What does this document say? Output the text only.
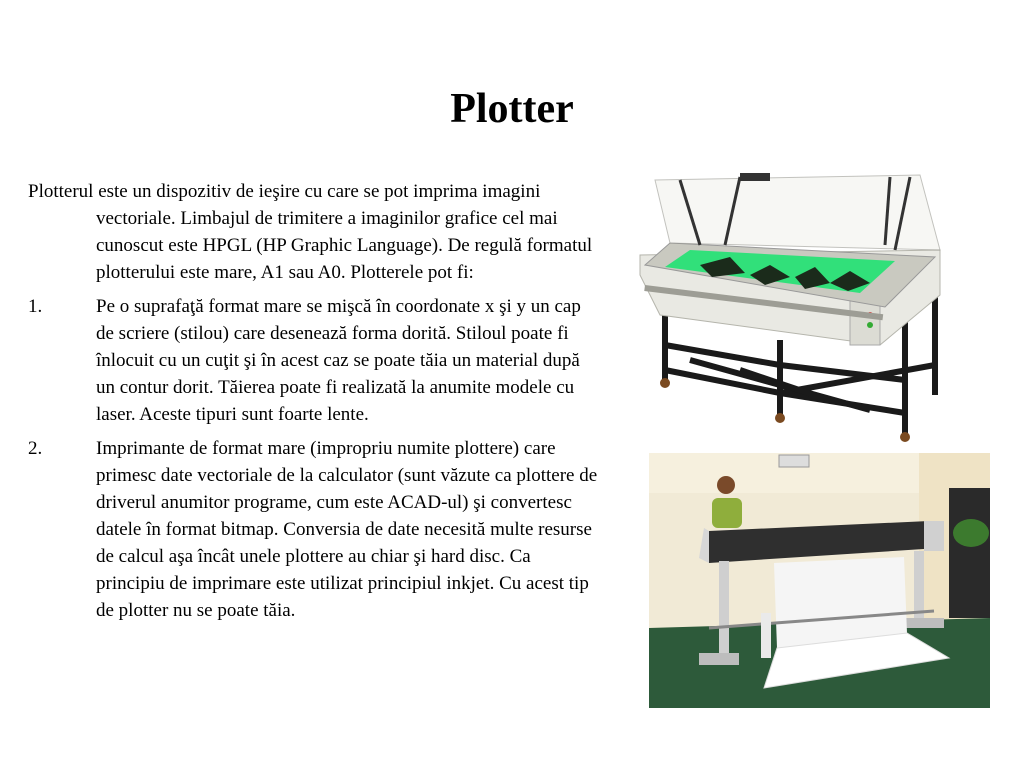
Plotter

Plotterul este un dispozitiv de ieşire cu care se pot imprima imagini vectoriale. Limbajul de trimitere a imaginilor grafice cel mai cunoscut este HPGL (HP Graphic Language). De regulă formatul plotterului este mare, A1 sau A0. Plotterele pot fi:

1.	Pe o suprafaţă format mare se mişcă în coordonate x şi y un cap de scriere (stilou) care desenează forma dorită. Stiloul poate fi înlocuit cu un cuţit şi în acest caz se poate tăia un material după un contur dorit. Tăierea poate fi realizată la anumite modele cu laser. Aceste tipuri sunt foarte lente.
2.	Imprimante de format mare (impropriu numite plottere) care primesc date vectoriale de la calculator (sunt văzute ca plottere de driverul anumitor programe, cum este ACAD-ul) şi convertesc datele în format bitmap. Conversia de date necesită multe resurse de calcul aşa încât unele plottere au chiar şi hard disc. Ca principiu de imprimare este utilizat principiul inkjet. Cu acest tip de plotter nu se poate tăia.
